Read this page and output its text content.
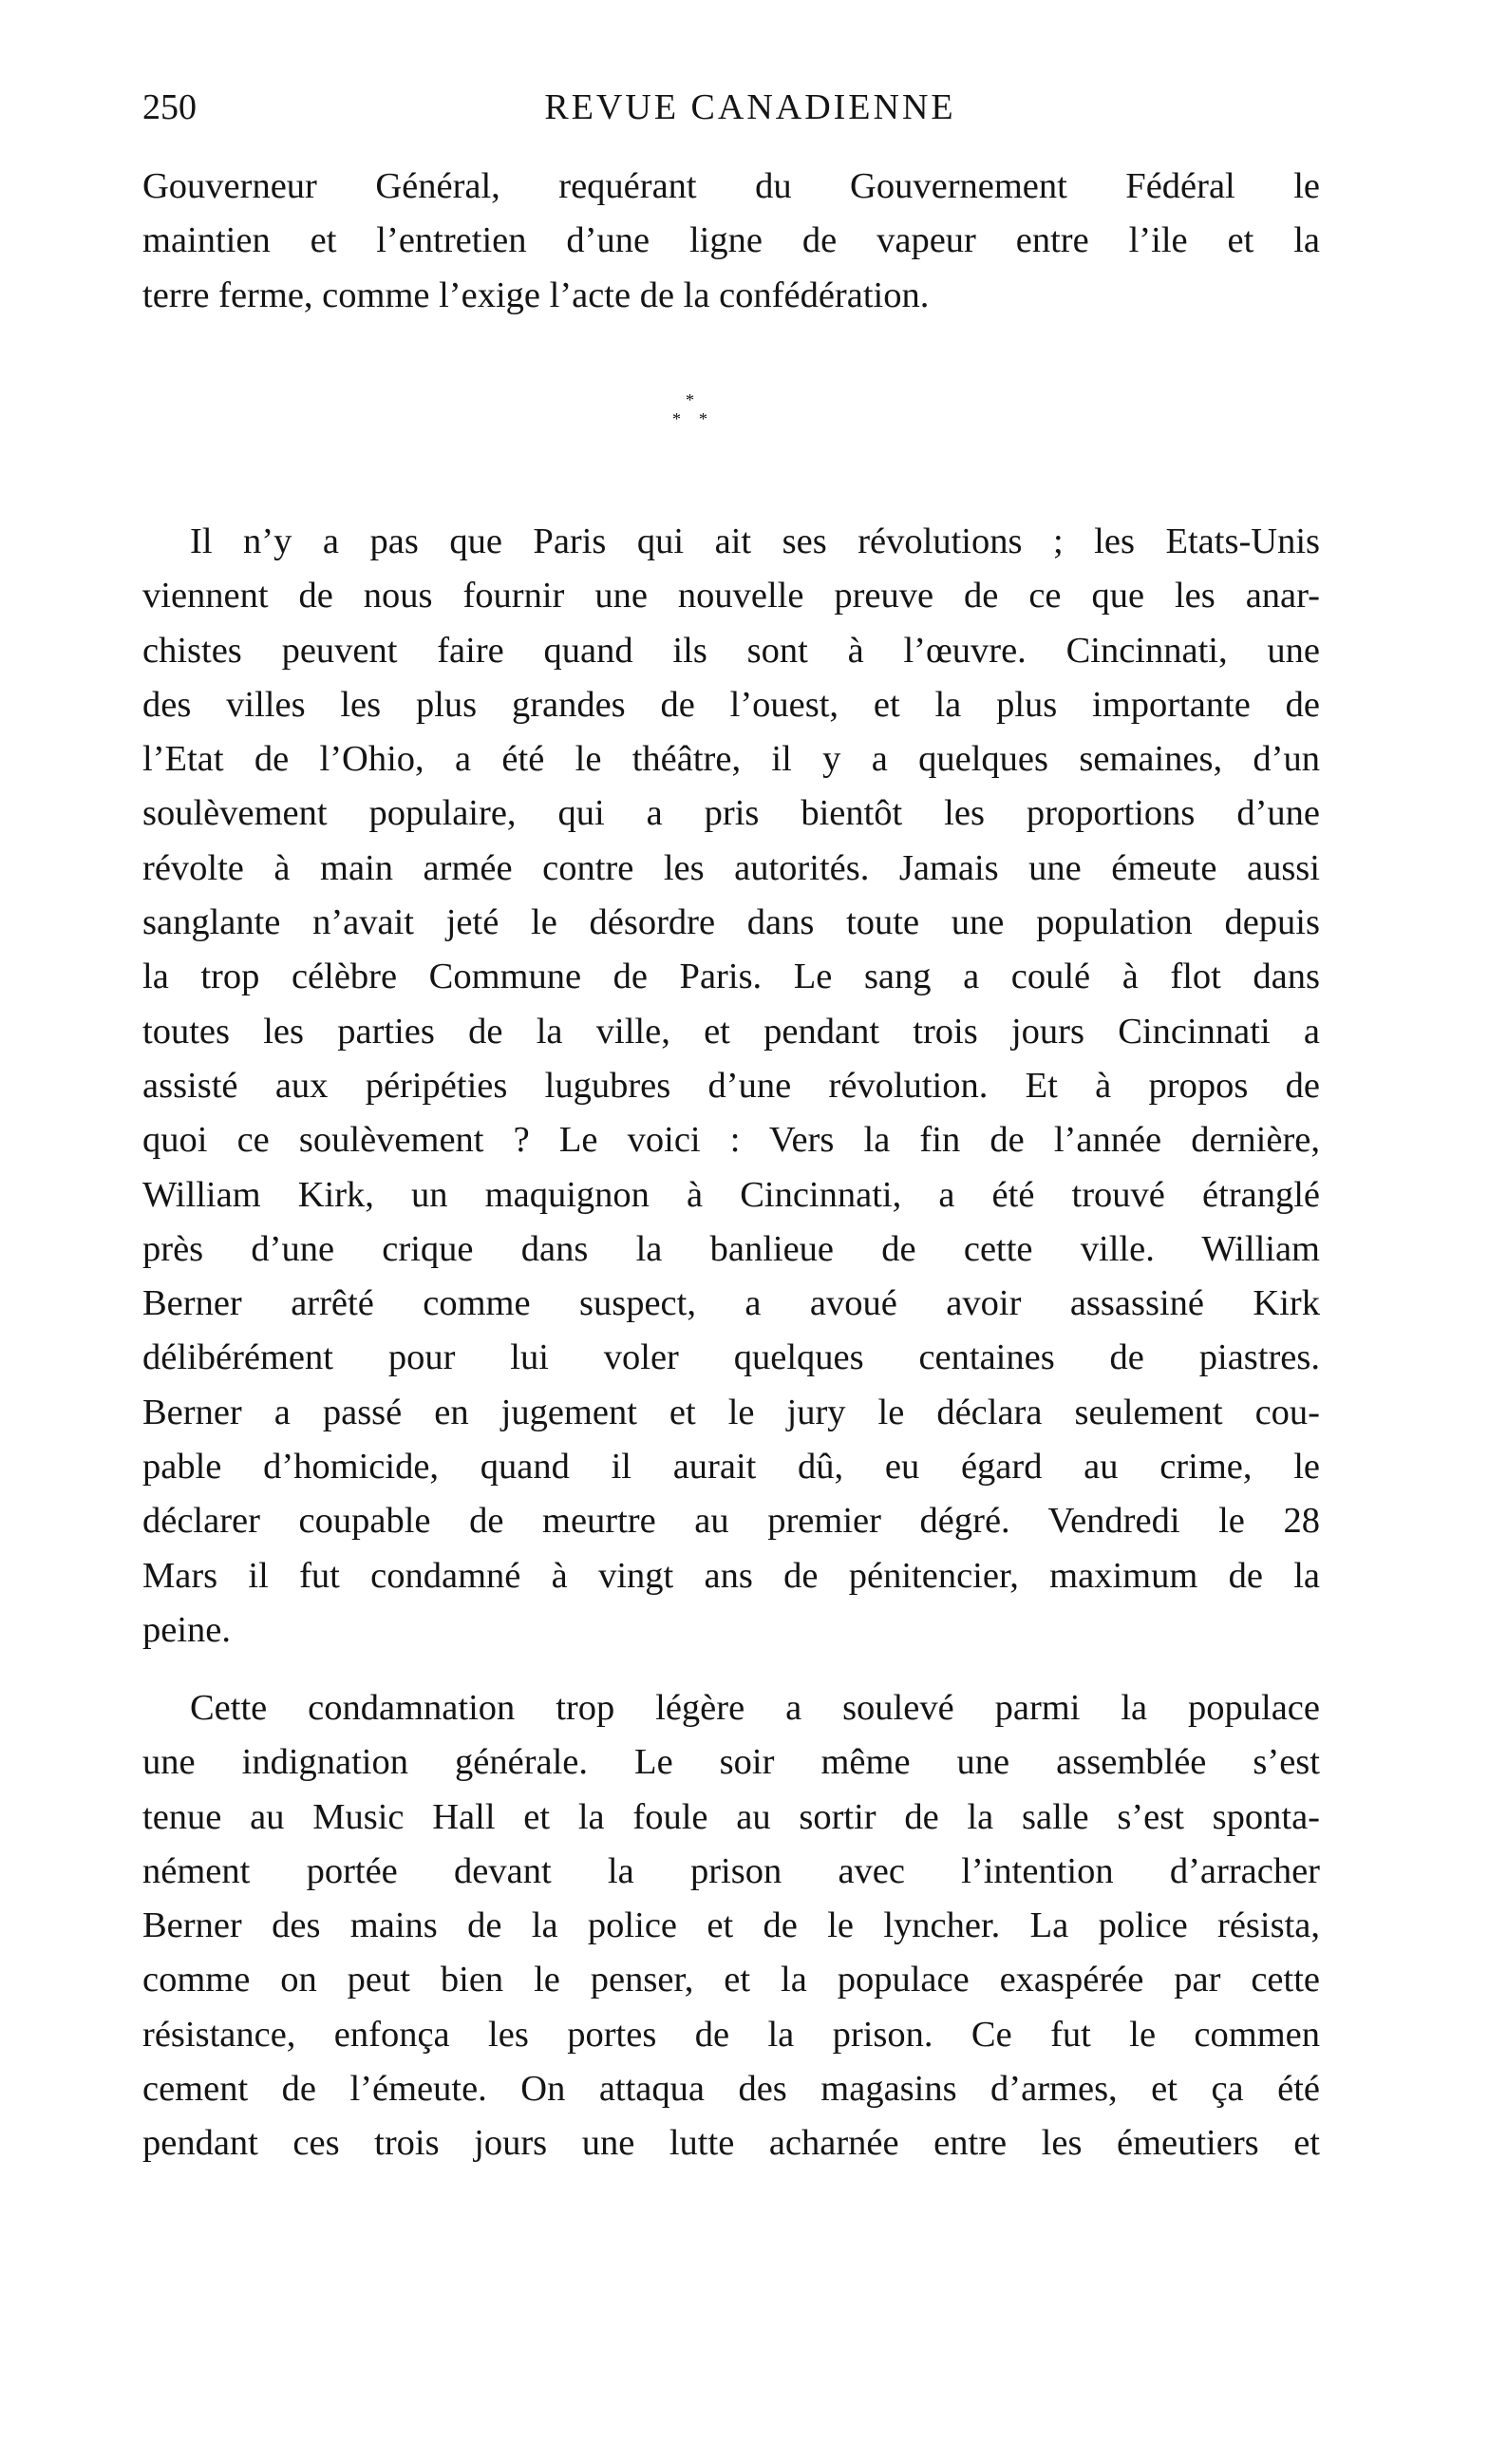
250	REVUE CANADIENNE
Gouverneur Général, requérant du Gouvernement Fédéral le
maintien et l’entretien d’une ligne de vapeur entre l’ile et la
terre ferme, comme l’exige l’acte de la confédération.
*
* *
Il n’y a pas que Paris qui ait ses révolutions ; les Etats-Unis
viennent de nous fournir une nouvelle preuve de ce que les anar-
chistes peuvent faire quand ils sont à l’œuvre. Cincinnati, une
des villes les plus grandes de l’ouest, et la plus importante de
l’Etat de l’Ohio, a été le théâtre, il y a quelques semaines, d’un
soulèvement populaire, qui a pris bientôt les proportions d’une
révolte à main armée contre les autorités. Jamais une émeute aussi
sanglante n’avait jeté le désordre dans toute une population depuis
la trop célèbre Commune de Paris. Le sang a coulé à flot dans
toutes les parties de la ville, et pendant trois jours Cincinnati a
assisté aux péripéties lugubres d’une révolution. Et à propos de
quoi ce soulèvement ? Le voici : Vers la fin de l’année dernière,
William Kirk, un maquignon à Cincinnati, a été trouvé étranglé
près d’une crique dans la banlieue de cette ville. William
Berner arrêté comme suspect, a avoué avoir assassiné Kirk
délibérément pour lui voler quelques centaines de piastres.
Berner a passé en jugement et le jury le déclara seulement cou-
pable d’homicide, quand il aurait dû, eu égard au crime, le
déclarer coupable de meurtre au premier dégré. Vendredi le 28
Mars il fut condamné à vingt ans de pénitencier, maximum de la
peine.
Cette condamnation trop légère a soulevé parmi la populace
une indignation générale. Le soir même une assemblée s’est
tenue au Music Hall et la foule au sortir de la salle s’est sponta-
nément portée devant la prison avec l’intention d’arracher
Berner des mains de la police et de le lyncher. La police résista,
comme on peut bien le penser, et la populace exaspérée par cette
résistance, enfonça les portes de la prison. Ce fut le commen
cement de l’émeute. On attaqua des magasins d’armes, et ça été
pendant ces trois jours une lutte acharnée entre les émeutiers et
